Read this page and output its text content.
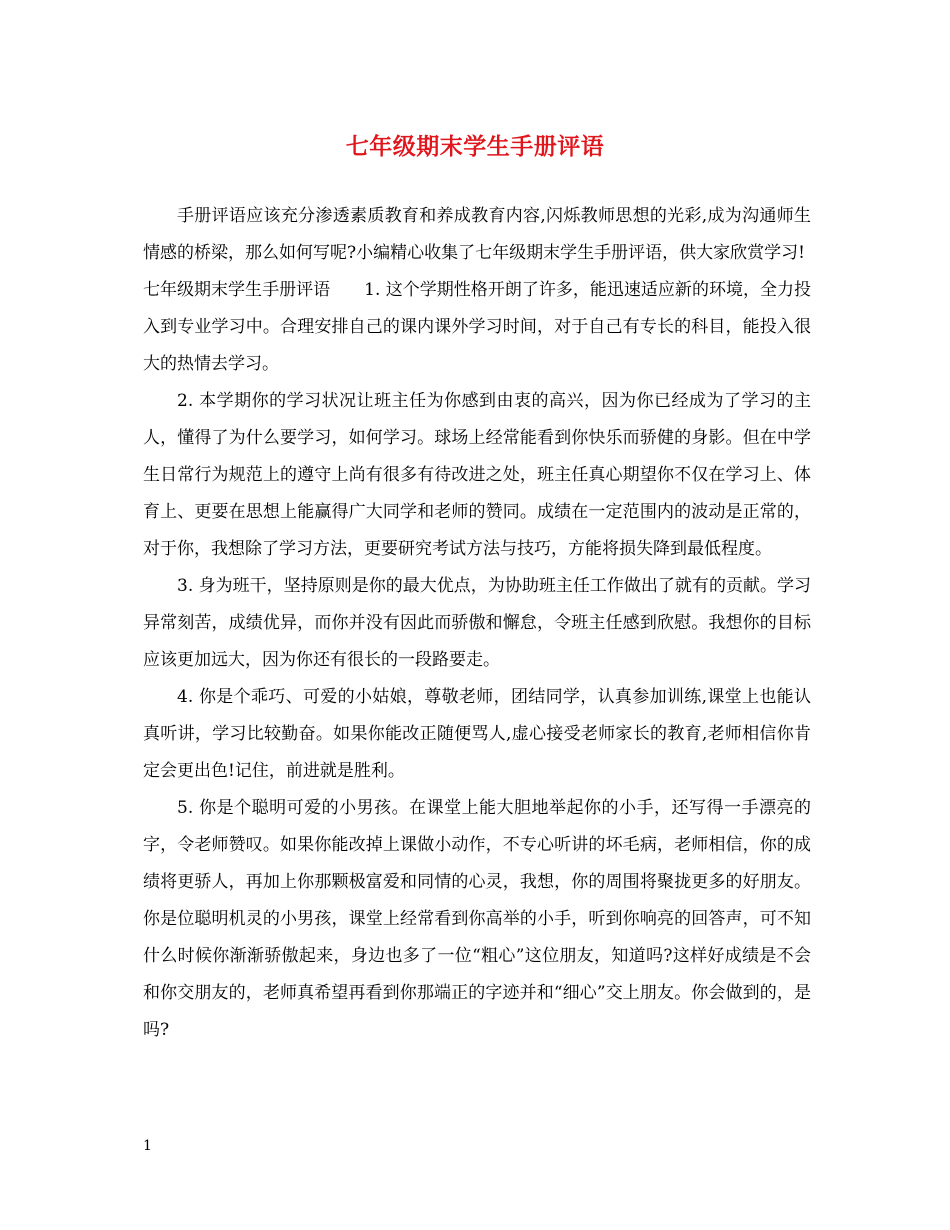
七年级期末学生手册评语

手册评语应该充分渗透素质教育和养成教育内容,闪烁教师思想的光彩,成为沟通师生情感的桥梁，那么如何写呢?小编精心收集了七年级期末学生手册评语，供大家欣赏学习!

七年级期末学生手册评语　　1. 这个学期性格开朗了许多，能迅速适应新的环境，全力投入到专业学习中。合理安排自己的课内课外学习时间，对于自己有专长的科目，能投入很大的热情去学习。

2. 本学期你的学习状况让班主任为你感到由衷的高兴，因为你已经成为了学习的主人，懂得了为什么要学习，如何学习。球场上经常能看到你快乐而骄健的身影。但在中学生日常行为规范上的遵守上尚有很多有待改进之处，班主任真心期望你不仅在学习上、体育上、更要在思想上能赢得广大同学和老师的赞同。成绩在一定范围内的波动是正常的，对于你，我想除了学习方法，更要研究考试方法与技巧，方能将损失降到最低程度。

3. 身为班干，坚持原则是你的最大优点，为协助班主任工作做出了就有的贡献。学习异常刻苦，成绩优异，而你并没有因此而骄傲和懈怠，令班主任感到欣慰。我想你的目标应该更加远大，因为你还有很长的一段路要走。

4. 你是个乖巧、可爱的小姑娘，尊敬老师，团结同学，认真参加训练,课堂上也能认真听讲，学习比较勤奋。如果你能改正随便骂人,虚心接受老师家长的教育,老师相信你肯定会更出色!记住，前进就是胜利。

5. 你是个聪明可爱的小男孩。在课堂上能大胆地举起你的小手，还写得一手漂亮的字，令老师赞叹。如果你能改掉上课做小动作，不专心听讲的坏毛病，老师相信，你的成绩将更骄人，再加上你那颗极富爱和同情的心灵，我想，你的周围将聚拢更多的好朋友。你是位聪明机灵的小男孩，课堂上经常看到你高举的小手，听到你响亮的回答声，可不知什么时候你渐渐骄傲起来，身边也多了一位“粗心”这位朋友，知道吗?这样好成绩是不会和你交朋友的，老师真希望再看到你那端正的字迹并和“细心”交上朋友。你会做到的，是吗?

1
